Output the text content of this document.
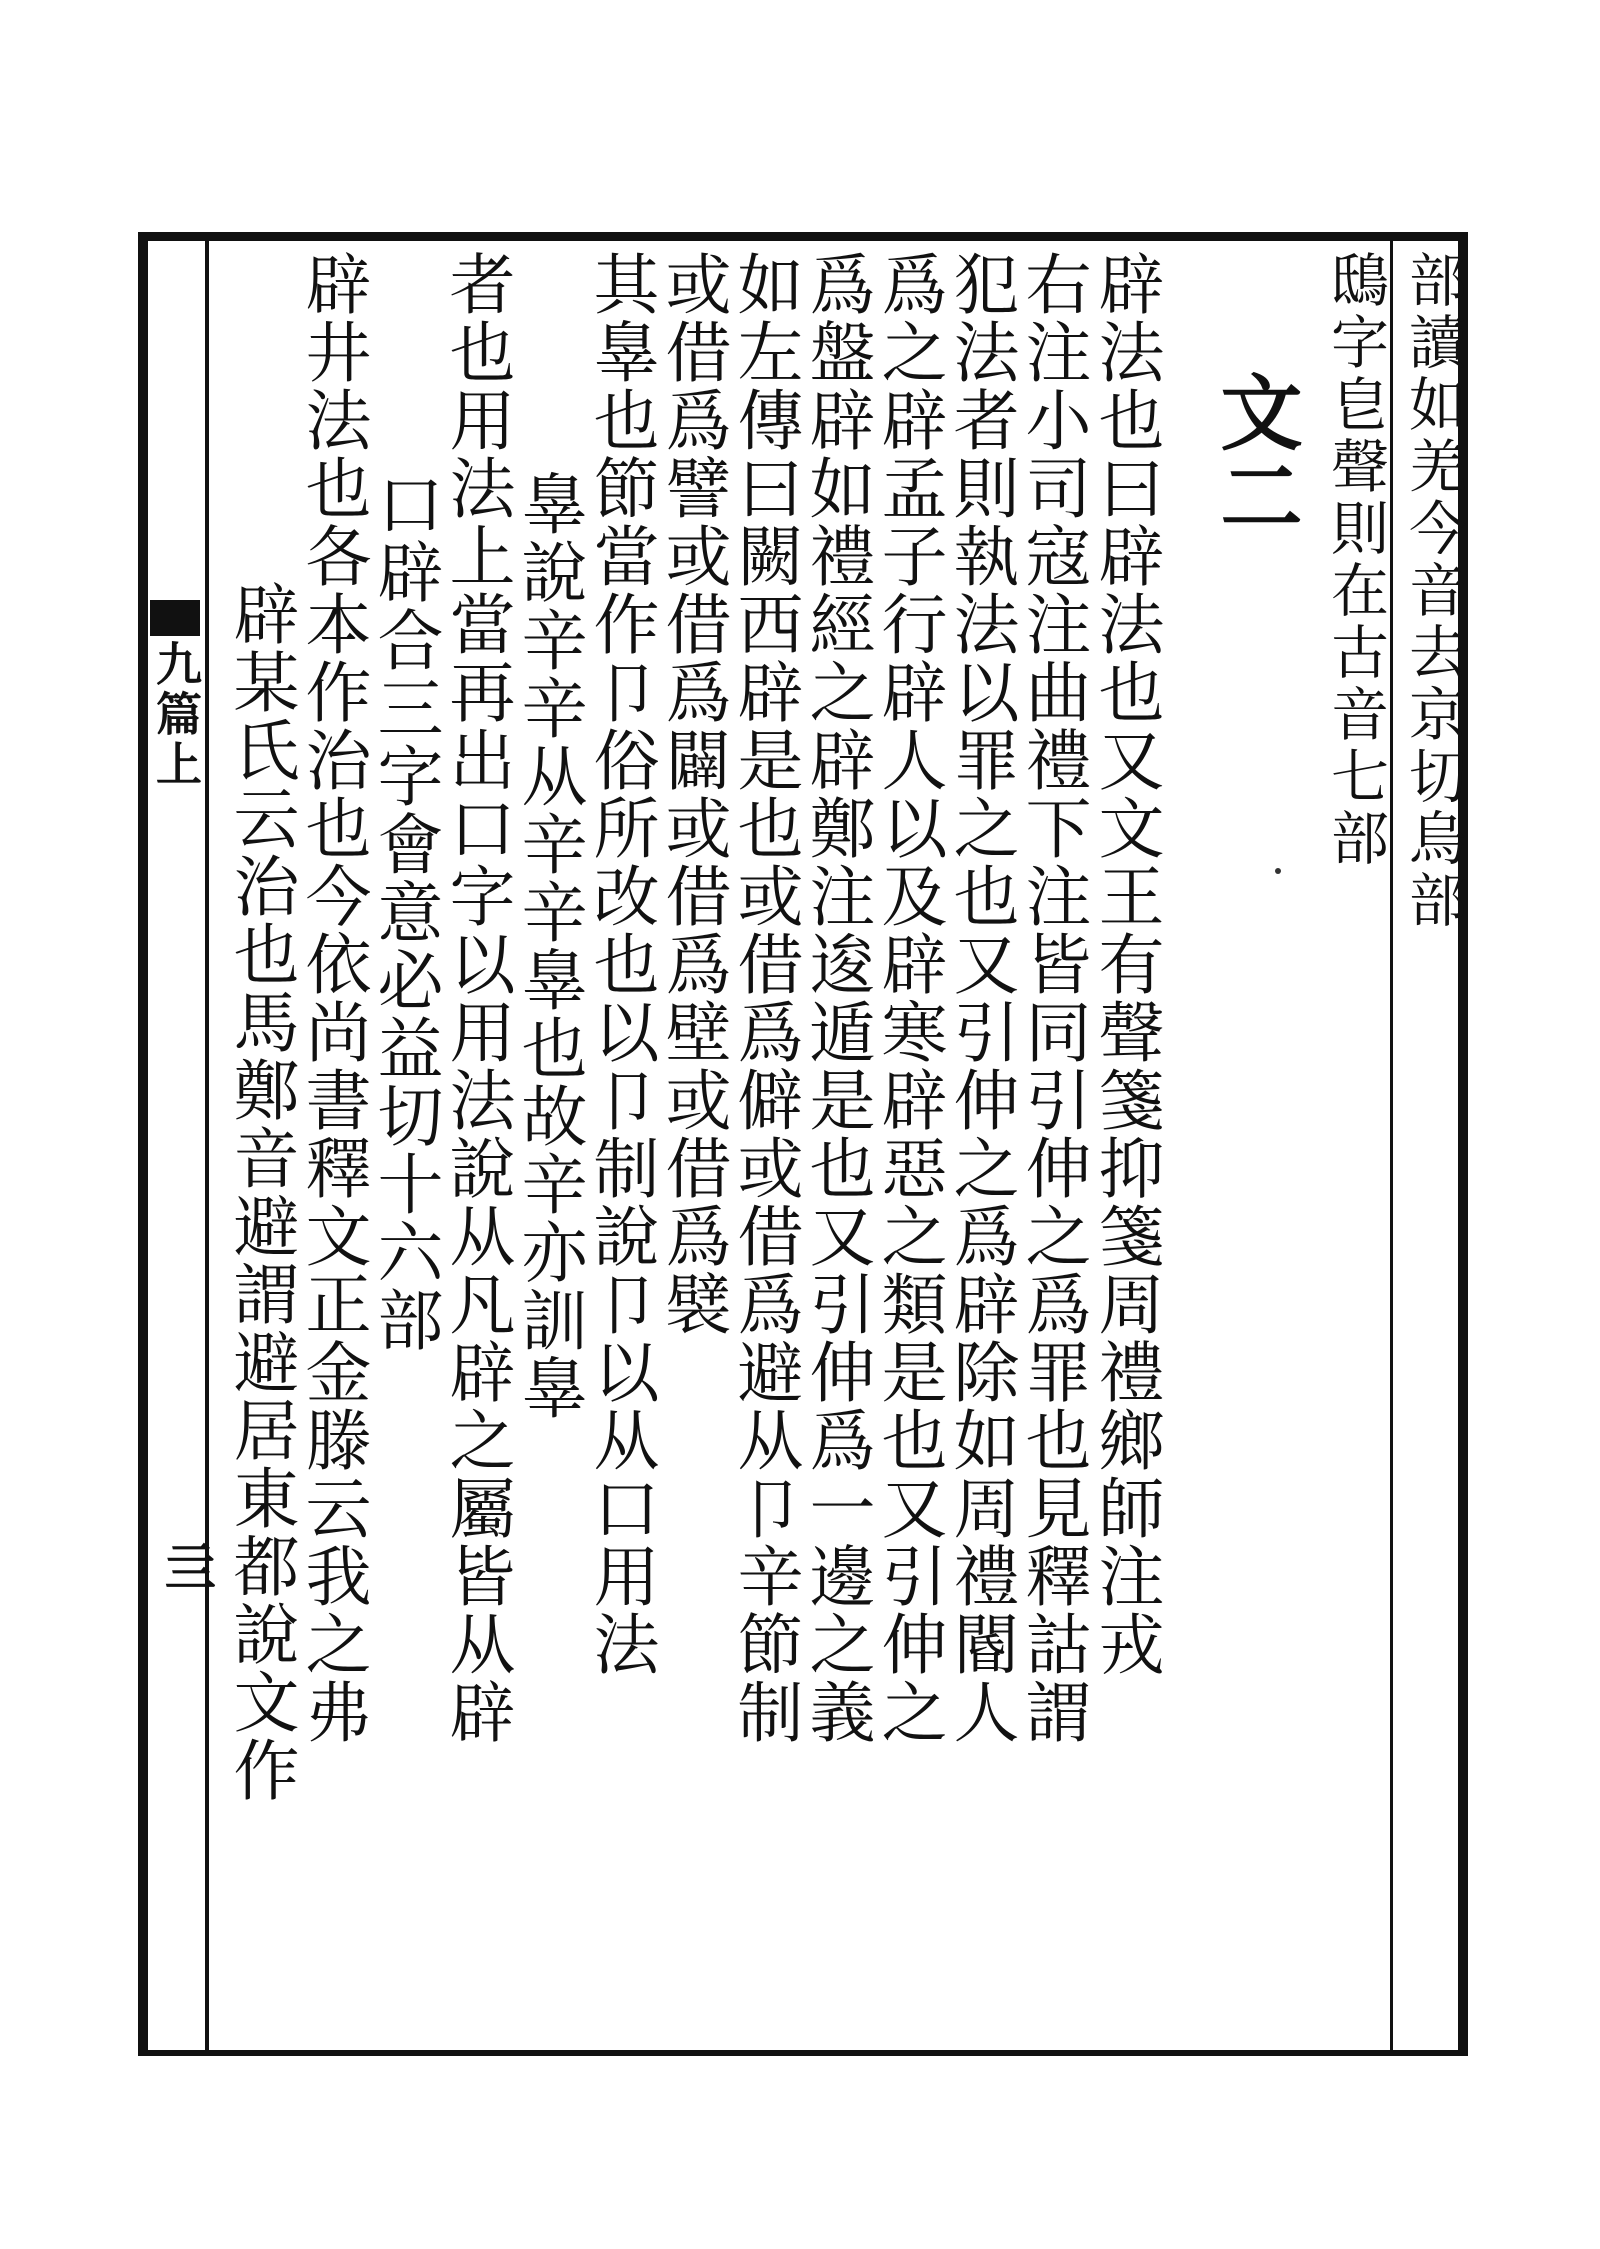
部讀如羌今音去京切烏部
鴟字皀聲則在古音七部
文二
辟法也曰辟法也又文王有聲箋抑箋周禮鄉師注戎
右注小司寇注曲禮下注皆同引伸之爲罪也見釋詁謂
犯法者則執法以罪之也又引伸之爲辟除如周禮閽人
爲之辟孟子行辟人以及辟寒辟惡之類是也又引伸之
爲盤辟如禮經之辟鄭注逡遁是也又引伸爲一邊之義
如左傳曰闕西辟是也或借爲僻或借爲避从卩辛節制
或借爲譬或借爲闢或借爲壁或借爲襞
其辠也節當作卩俗所改也以卩制說卩以从口用法
辠說辛辛从辛辛辠也故辛亦訓辠
者也用法上當再出口字以用法說从凡辟之屬皆从辟
口辟合三字會意必益切十六部
辟井法也各本作治也今依尚書釋文正金滕云我之弗
辟某氏云治也馬鄭音避謂避居東都說文作
九篇上
亖
